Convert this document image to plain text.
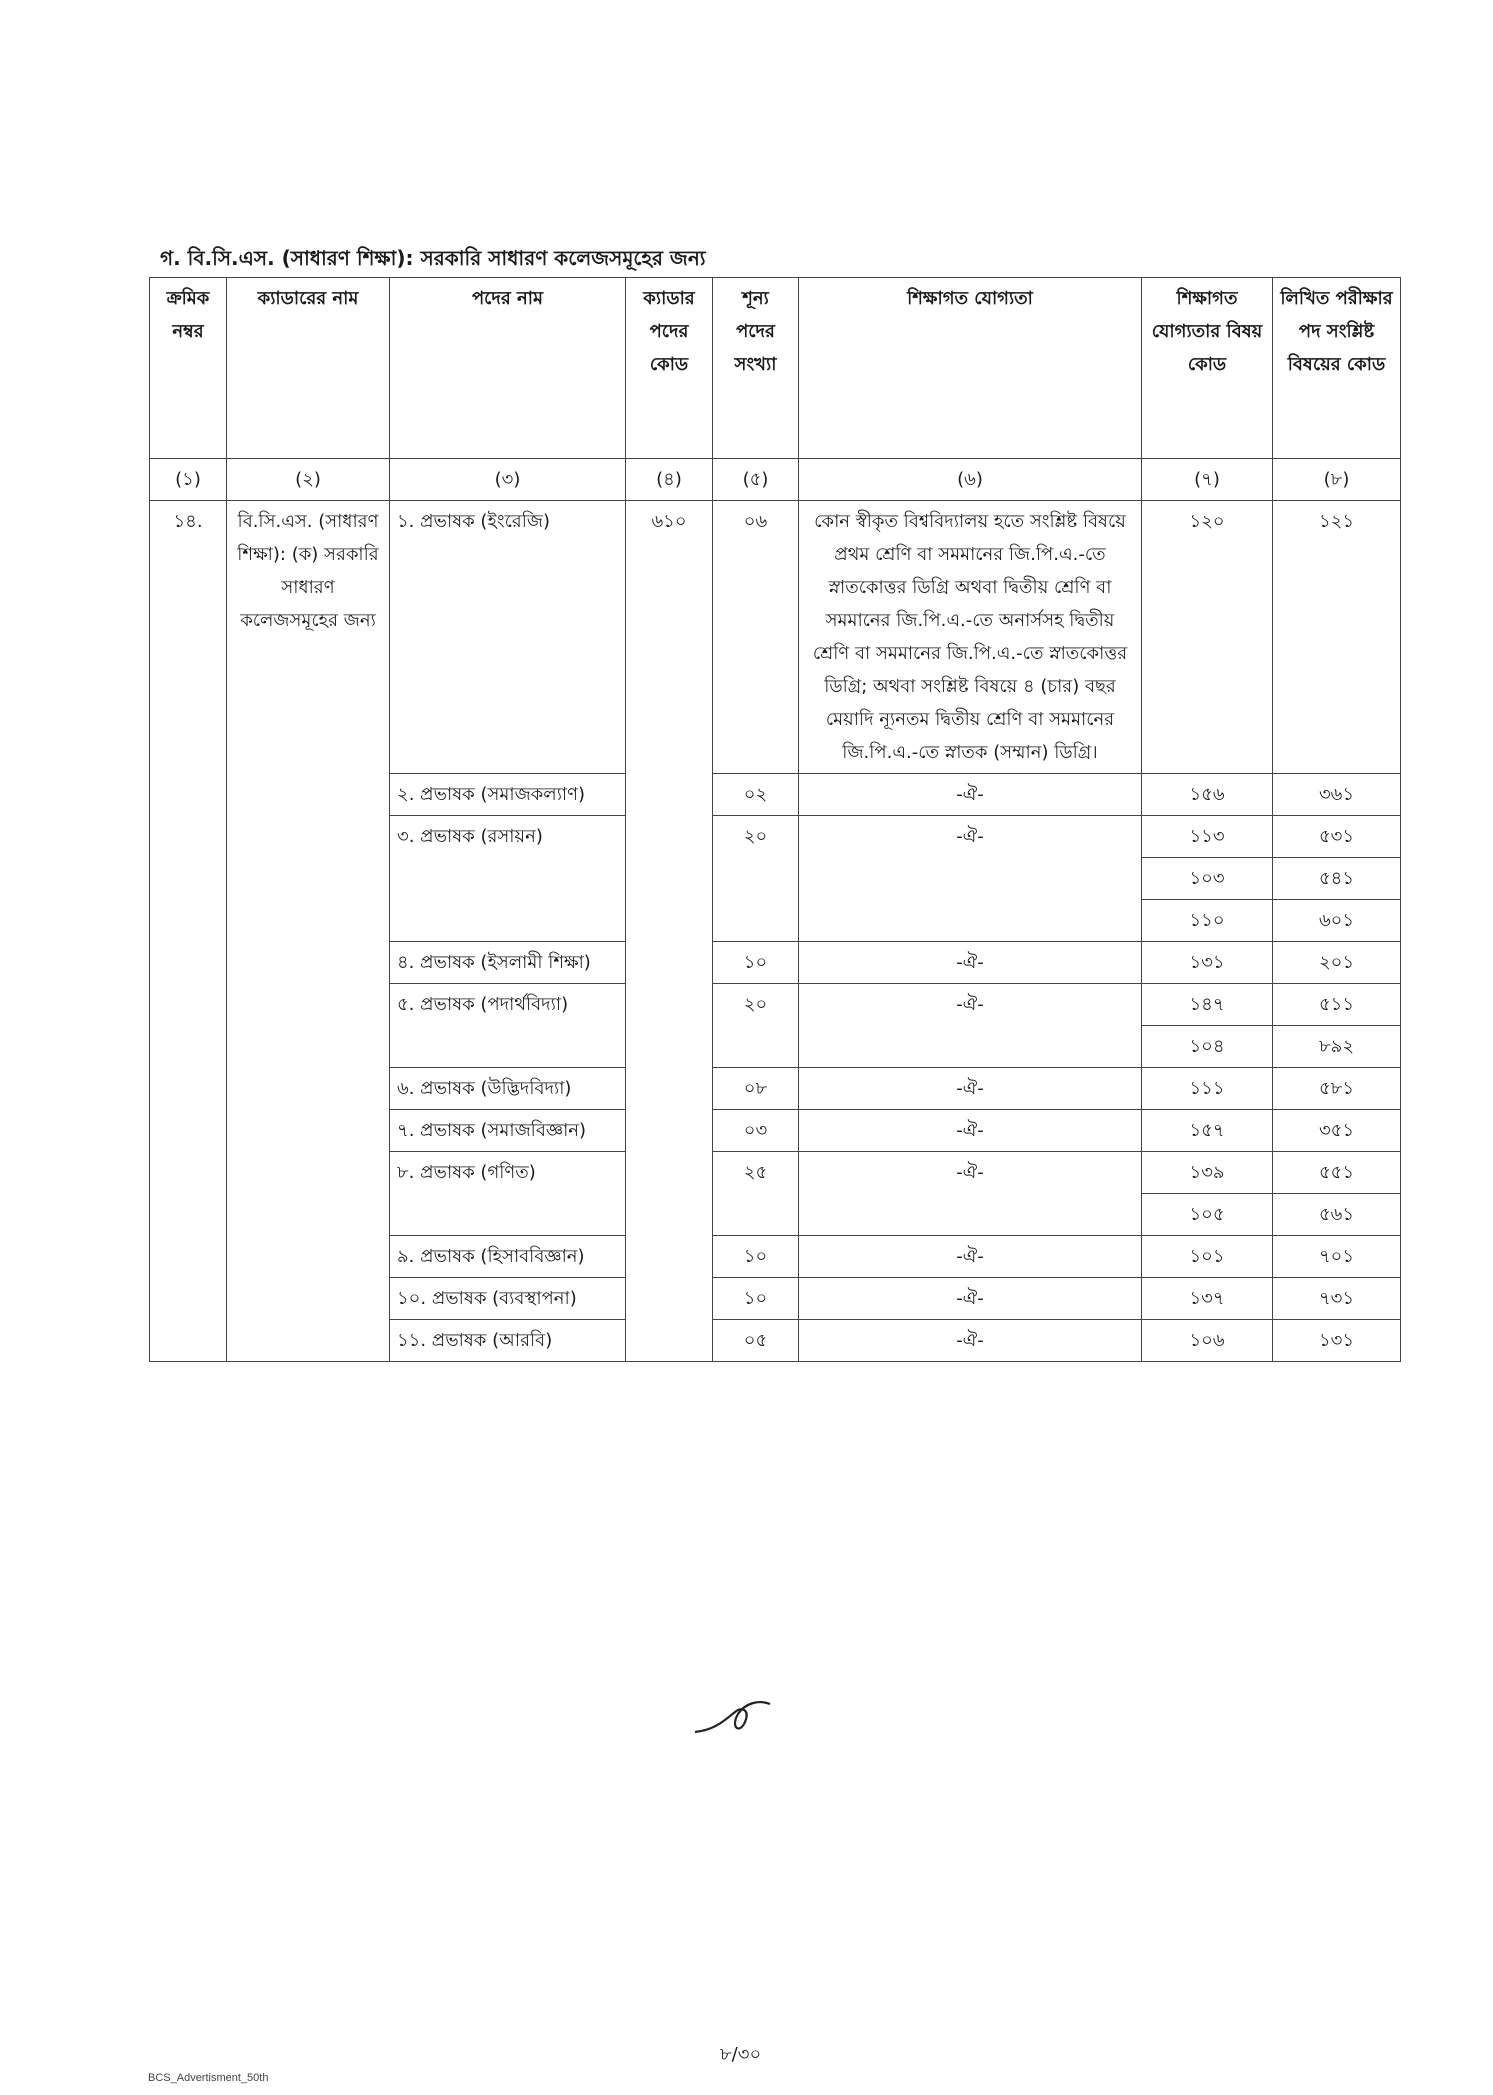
গ. বি.সি.এস. (সাধারণ শিক্ষা): সরকারি সাধারণ কলেজসমূহের জন্য
ক্রমিক নম্বর	ক্যাডারের নাম	পদের নাম	ক্যাডার পদের কোড	শূন্য পদের সংখ্যা	শিক্ষাগত যোগ্যতা	শিক্ষাগত যোগ্যতার বিষয় কোড	লিখিত পরীক্ষার পদ সংশ্লিষ্ট বিষয়ের কোড
(১)	(২)	(৩)	(৪)	(৫)	(৬)	(৭)	(৮)
১৪.	বি.সি.এস. (সাধারণ শিক্ষা): (ক) সরকারি সাধারণ কলেজসমূহের জন্য	১. প্রভাষক (ইংরেজি)	৬১০	০৬	কোন স্বীকৃত বিশ্ববিদ্যালয় হতে সংশ্লিষ্ট বিষয়ে প্রথম শ্রেণি বা সমমানের জি.পি.এ.-তে স্নাতকোত্তর ডিগ্রি অথবা দ্বিতীয় শ্রেণি বা সমমানের জি.পি.এ.-তে অনার্সসহ দ্বিতীয় শ্রেণি বা সমমানের জি.পি.এ.-তে স্নাতকোত্তর ডিগ্রি; অথবা সংশ্লিষ্ট বিষয়ে ৪ (চার) বছর মেয়াদি ন্যূনতম দ্বিতীয় শ্রেণি বা সমমানের জি.পি.এ.-তে স্নাতক (সম্মান) ডিগ্রি।	১২০	১২১
		২. প্রভাষক (সমাজকল্যাণ)		০২	-ঐ-	১৫৬	৩৬১
		৩. প্রভাষক (রসায়ন)		২০	-ঐ-	১১৩	৫৩১
						১০৩	৫৪১
						১১০	৬০১
		৪. প্রভাষক (ইসলামী শিক্ষা)		১০	-ঐ-	১৩১	২০১
		৫. প্রভাষক (পদার্থবিদ্যা)		২০	-ঐ-	১৪৭	৫১১
						১০৪	৮৯২
		৬. প্রভাষক (উদ্ভিদবিদ্যা)		০৮	-ঐ-	১১১	৫৮১
		৭. প্রভাষক (সমাজবিজ্ঞান)		০৩	-ঐ-	১৫৭	৩৫১
		৮. প্রভাষক (গণিত)		২৫	-ঐ-	১৩৯	৫৫১
						১০৫	৫৬১
		৯. প্রভাষক (হিসাববিজ্ঞান)		১০	-ঐ-	১০১	৭০১
		১০. প্রভাষক (ব্যবস্থাপনা)		১০	-ঐ-	১৩৭	৭৩১
		১১. প্রভাষক (আরবি)		০৫	-ঐ-	১০৬	১৩১
৮/৩০
BCS_Advertisment_50th
